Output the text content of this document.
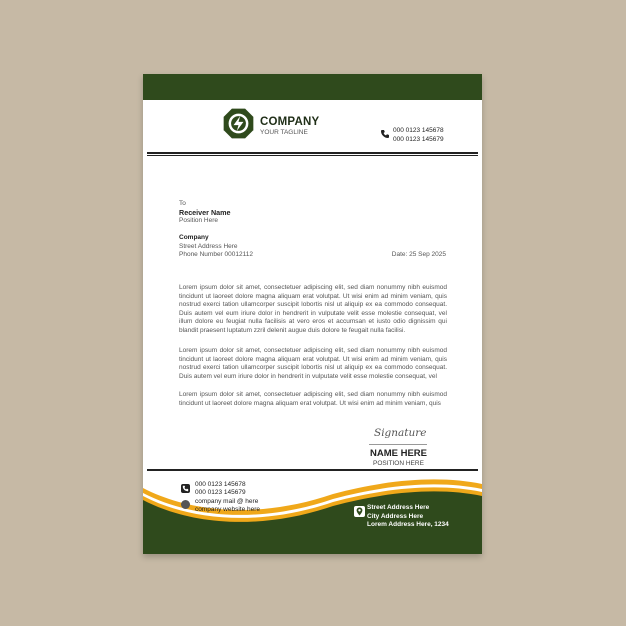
COMPANY
YOUR TAGLINE	000 0123 145678
000 0123 145679
To
Receiver Name
Position Here
Company
Street Address Here
Phone Number 00012112	Date: 25 Sep 2025
Lorem ipsum dolor sit amet, consectetuer adipiscing elit, sed diam nonummy nibh euismod tincidunt ut laoreet dolore magna aliquam erat volutpat. Ut wisi enim ad minim veniam, quis nostrud exerci tation ullamcorper suscipit lobortis nisl ut aliquip ex ea commodo consequat. Duis autem vel eum iriure dolor in hendrerit in vulputate velit esse molestie consequat, vel illum dolore eu feugiat nulla facilisis at vero eros et accumsan et iusto odio dignissim qui blandit praesent luptatum zzril delenit augue duis dolore te feugait nulla facilisi.
Lorem ipsum dolor sit amet, consectetuer adipiscing elit, sed diam nonummy nibh euismod tincidunt ut laoreet dolore magna aliquam erat volutpat. Ut wisi enim ad minim veniam, quis nostrud exerci tation ullamcorper suscipit lobortis nisl ut aliquip ex ea commodo consequat. Duis autem vel eum iriure dolor in hendrerit in vulputate velit esse molestie consequat, vel
Lorem ipsum dolor sit amet, consectetuer adipiscing elit, sed diam nonummy nibh euismod tincidunt ut laoreet dolore magna aliquam erat volutpat. Ut wisi enim ad minim veniam, quis
Signature
NAME HERE
POSITION HERE
000 0123 145678
000 0123 145679
company mail @ here
company website here	Street Address Here
City Address Here
Lorem Address Here, 1234
